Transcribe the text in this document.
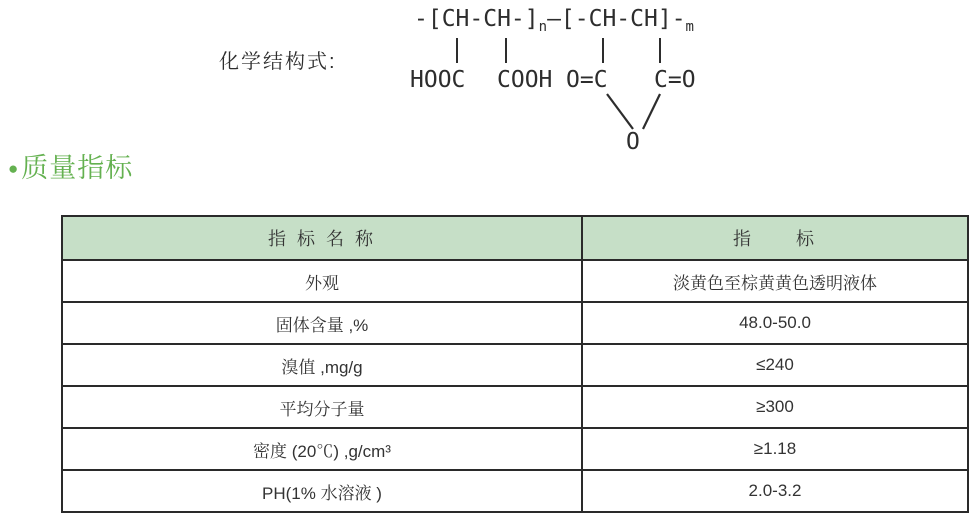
化学结构式:
$-[CH-CH-]_n—[-CH-CH]-_m$
HOOC COOH O=C C=O
O
● 质量指标
指 标 名 称	指　　标
外观	淡黄色至棕黄黄色透明液体
固体含量 ,%	48.0-50.0
溴值 ,mg/g	≤240
平均分子量	≥300
密度 (20℃) ,g/cm³	≥1.18
PH(1% 水溶液 )	2.0-3.2
